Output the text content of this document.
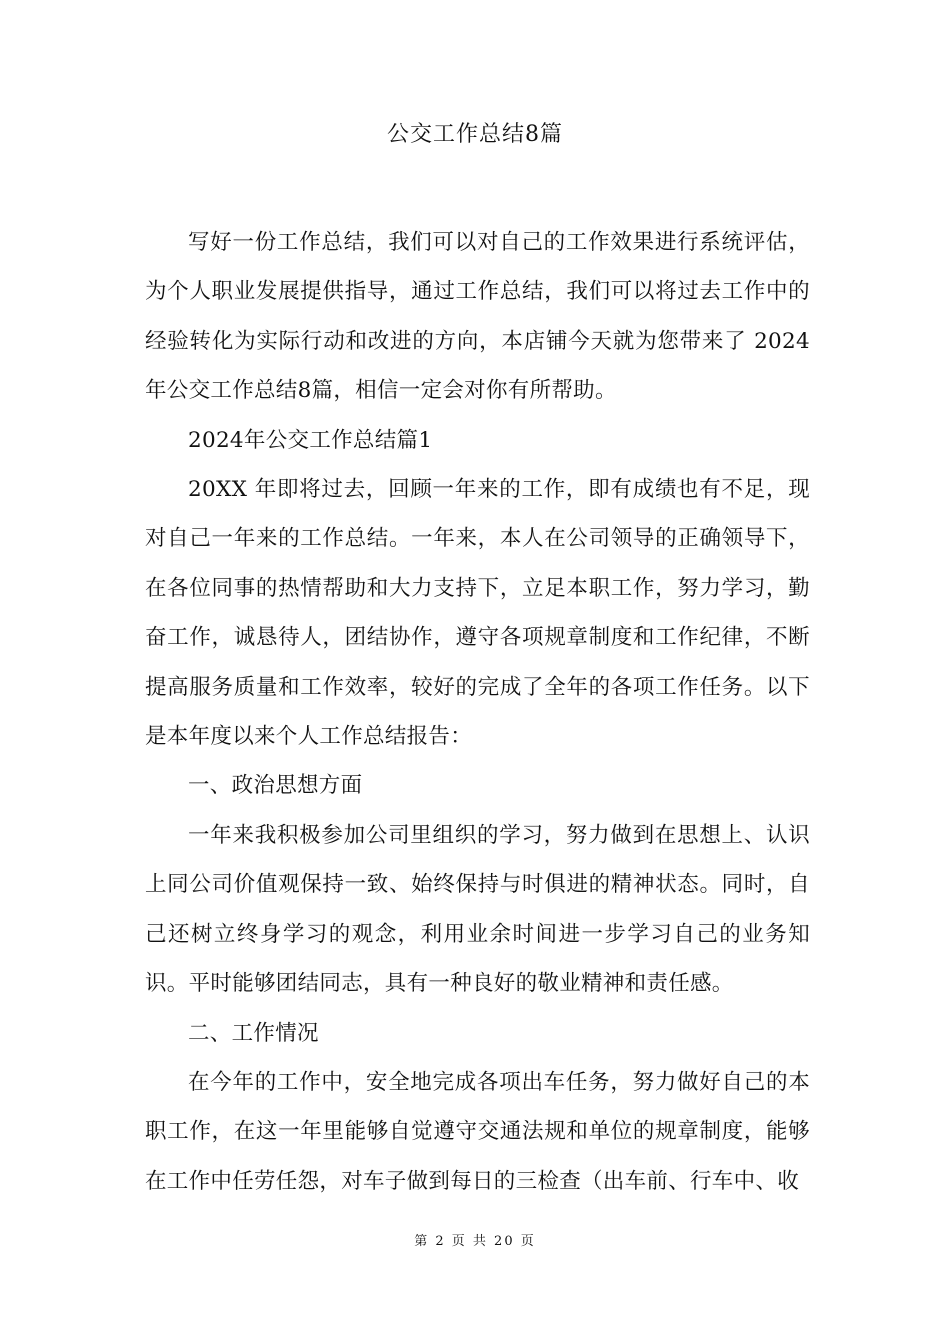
公交工作总结8篇

写好一份工作总结，我们可以对自己的工作效果进行系统评估，为个人职业发展提供指导，通过工作总结，我们可以将过去工作中的经验转化为实际行动和改进的方向，本店铺今天就为您带来了 2024年公交工作总结8篇，相信一定会对你有所帮助。

2024年公交工作总结篇1

20XX 年即将过去，回顾一年来的工作，即有成绩也有不足，现对自己一年来的工作总结。一年来，本人在公司领导的正确领导下，在各位同事的热情帮助和大力支持下，立足本职工作，努力学习，勤奋工作，诚恳待人，团结协作，遵守各项规章制度和工作纪律，不断提高服务质量和工作效率，较好的完成了全年的各项工作任务。以下是本年度以来个人工作总结报告：

一、政治思想方面

一年来我积极参加公司里组织的学习，努力做到在思想上、认识上同公司价值观保持一致、始终保持与时俱进的精神状态。同时，自己还树立终身学习的观念，利用业余时间进一步学习自己的业务知识。平时能够团结同志，具有一种良好的敬业精神和责任感。

二、工作情况

在今年的工作中，安全地完成各项出车任务，努力做好自己的本职工作，在这一年里能够自觉遵守交通法规和单位的规章制度，能够在工作中任劳任怨，对车子做到每日的三检查（出车前、行车中、收

第 2 页 共 20 页
